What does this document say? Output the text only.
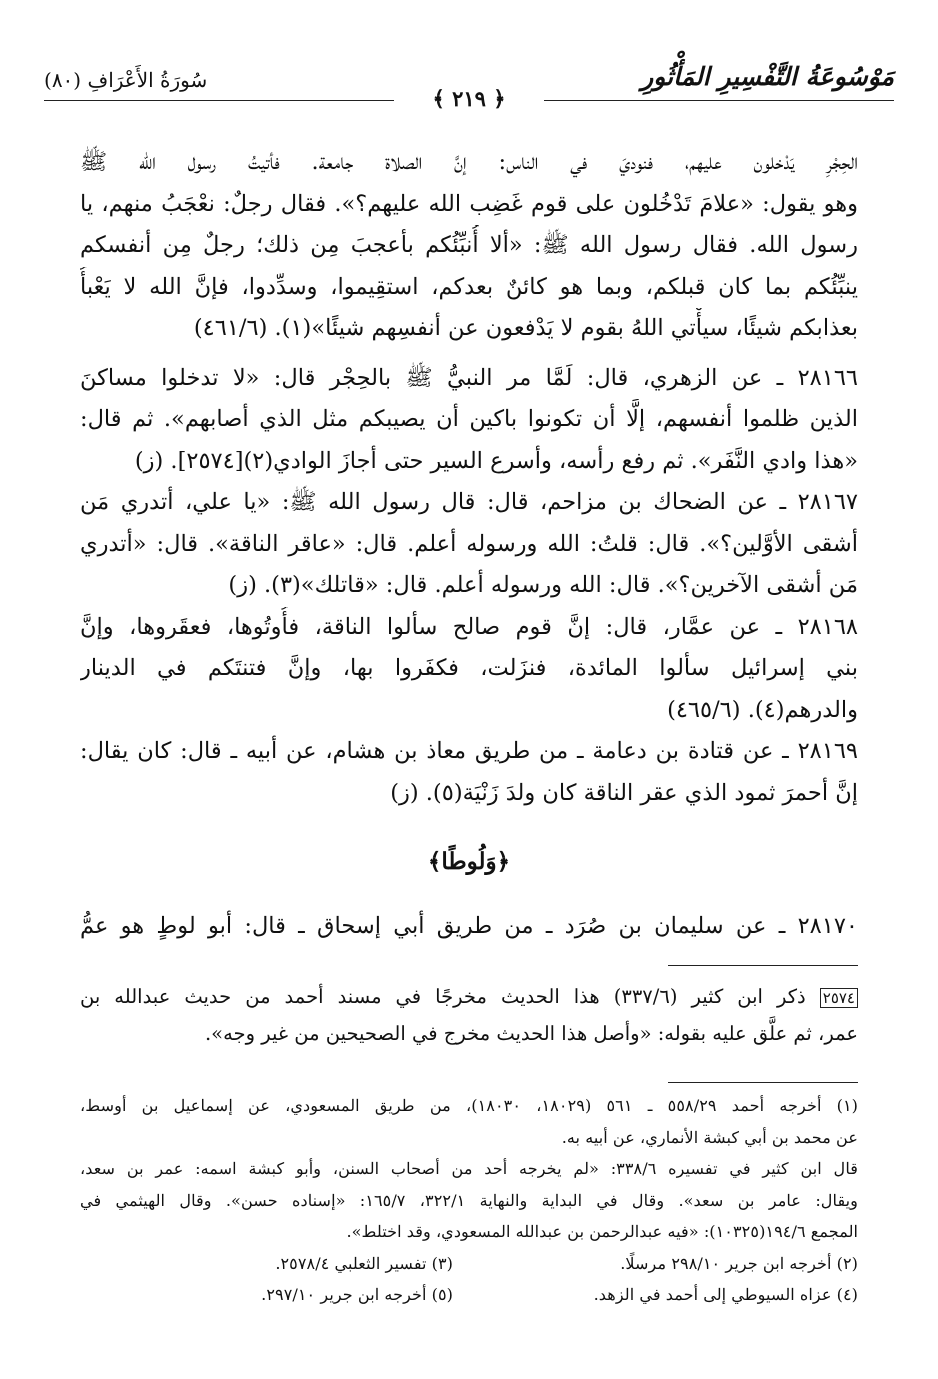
مَوْسُوعَةُ التَّفْسِيرِ المَأْثُورِ
سُورَةُ الأَعْرَافِ (٨٠)
﴿ ٢١٩ ﴾
الحِجْرِ يَدْخلون عليهم، فنوديَ في الناس: إنَّ الصلاة جامعة. فأتيتُ رسول الله ﷺ
وهو يقول: «علامَ تَدْخُلون على قوم غَضِب الله عليهم؟». فقال رجلٌ: نعْجَبُ منهم، يا
رسول الله. فقال رسول الله ﷺ: «ألا أُنبِّئُكم بأعجبَ مِن ذلك؛ رجلٌ مِن أنفسكم
ينبِّئُكم بما كان قبلكم، وبما هو كائنٌ بعدكم، استقِيموا، وسدِّدوا، فإنَّ الله لا يَعْبأُ
بعذابكم شيئًا، سيأْتي اللهُ بقوم لا يَدْفعون عن أنفسِهم شيئًا»(١). (٤٦١/٦)
٢٨١٦٦ ـ عن الزهري، قال: لَمَّا مر النبيُّ ﷺ بالحِجْر قال: «لا تدخلوا مساكنَ
الذين ظلموا أنفسهم، إلَّا أن تكونوا باكين أن يصيبكم مثل الذي أصابهم». ثم قال:
«هذا وادي النَّفَر». ثم رفع رأسه، وأسرع السير حتى أجازَ الوادي(٢)[٢٥٧٤]. (ز)
٢٨١٦٧ ـ عن الضحاك بن مزاحم، قال: قال رسول الله ﷺ: «يا علي، أتدري مَن
أشقى الأوَّلين؟». قال: قلتُ: الله ورسوله أعلم. قال: «عاقر الناقة». قال: «أتدري
مَن أشقى الآخرين؟». قال: الله ورسوله أعلم. قال: «قاتلك»(٣). (ز)
٢٨١٦٨ ـ عن عمَّار، قال: إنَّ قوم صالح سألوا الناقة، فأُوتُوها، فعقَروها، وإنَّ
بني إسرائيل سألوا المائدة، فنزَلت، فكفَروا بها، وإنَّ فتنتَكم في الدينار
والدرهم(٤). (٤٦٥/٦)
٢٨١٦٩ ـ عن قتادة بن دعامة ـ من طريق معاذ بن هشام، عن أبيه ـ قال: كان يقال:
إنَّ أحمرَ ثمود الذي عقر الناقة كان ولدَ زَنْيَة(٥). (ز)
﴿وَلُوطًا﴾
٢٨١٧٠ ـ عن سليمان بن صُرَد ـ من طريق أبي إسحاق ـ قال: أبو لوطٍ هو عمُّ
٢٥٧٤ ذكر ابن كثير (٣٣٧/٦) هذا الحديث مخرجًا في مسند أحمد من حديث عبدالله بن
عمر، ثم علَّق عليه بقوله: «وأصل هذا الحديث مخرج في الصحيحين من غير وجه».
(١) أخرجه أحمد ٥٥٨/٢٩ ـ ٥٦١ (١٨٠٢٩، ١٨٠٣٠)، من طريق المسعودي، عن إسماعيل بن أوسط،
عن محمد بن أبي كبشة الأنماري، عن أبيه به.
قال ابن كثير في تفسيره ٣٣٨/٦: «لم يخرجه أحد من أصحاب السنن، وأبو كبشة اسمه: عمر بن سعد،
ويقال: عامر بن سعد». وقال في البداية والنهاية ٣٢٢/١، ١٦٥/٧: «إسناده حسن». وقال الهيثمي في
المجمع ١٩٤/٦(١٠٣٢٥): «فيه عبدالرحمن بن عبدالله المسعودي، وقد اختلط».
(٢) أخرجه ابن جرير ٢٩٨/١٠ مرسلًا.
(٣) تفسير الثعلبي ٢٥٧٨/٤.
(٤) عزاه السيوطي إلى أحمد في الزهد.
(٥) أخرجه ابن جرير ٢٩٧/١٠.
